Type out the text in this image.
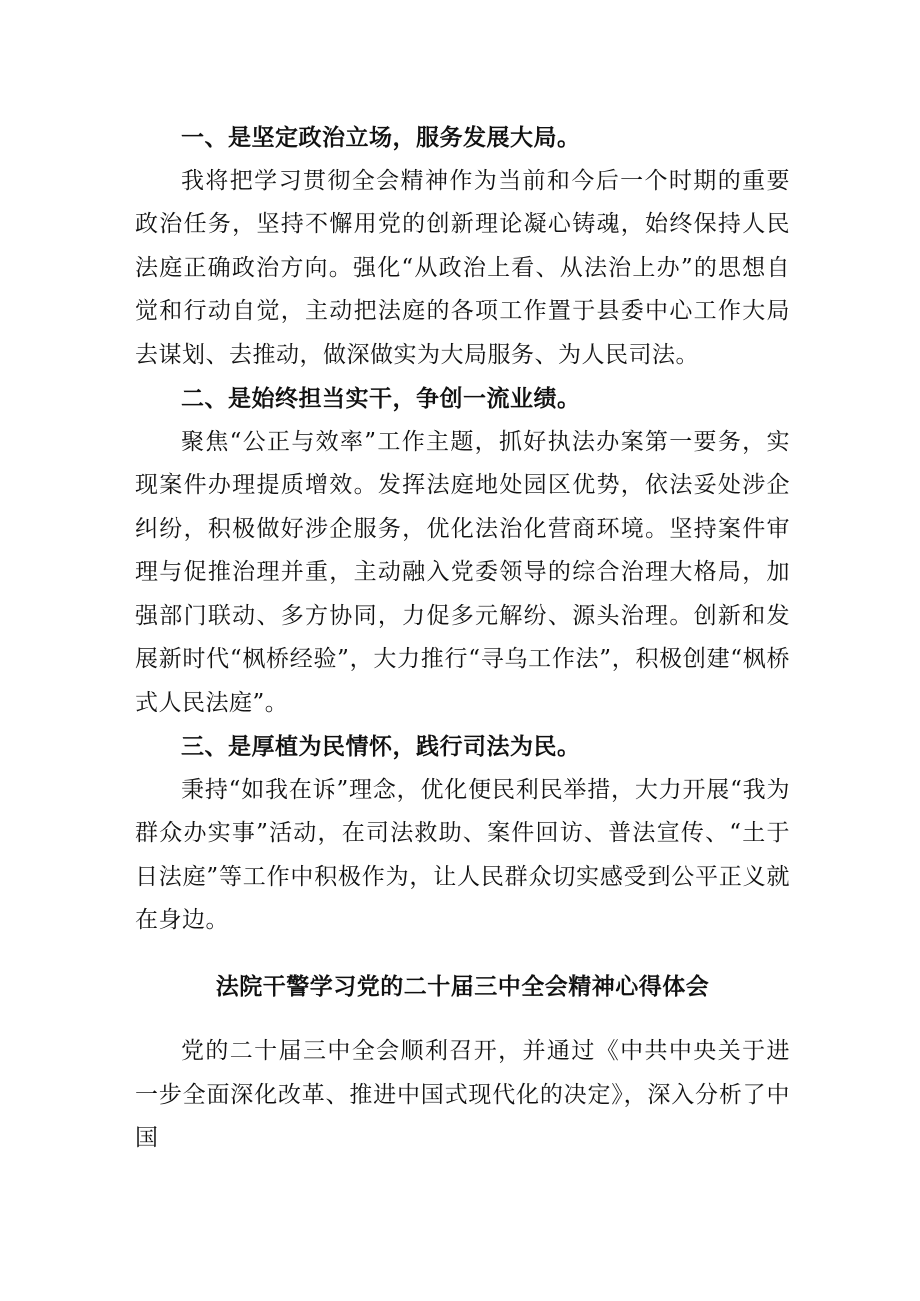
一、是坚定政治立场，服务发展大局。

我将把学习贯彻全会精神作为当前和今后一个时期的重要政治任务，坚持不懈用党的创新理论凝心铸魂，始终保持人民法庭正确政治方向。强化“从政治上看、从法治上办”的思想自觉和行动自觉，主动把法庭的各项工作置于县委中心工作大局去谋划、去推动，做深做实为大局服务、为人民司法。

二、是始终担当实干，争创一流业绩。

聚焦“公正与效率”工作主题，抓好执法办案第一要务，实现案件办理提质增效。发挥法庭地处园区优势，依法妥处涉企纠纷，积极做好涉企服务，优化法治化营商环境。坚持案件审理与促推治理并重，主动融入党委领导的综合治理大格局，加强部门联动、多方协同，力促多元解纷、源头治理。创新和发展新时代“枫桥经验”，大力推行“寻乌工作法”，积极创建“枫桥式人民法庭”。

三、是厚植为民情怀，践行司法为民。

秉持“如我在诉”理念，优化便民利民举措，大力开展“我为群众办实事”活动，在司法救助、案件回访、普法宣传、“土于日法庭”等工作中积极作为，让人民群众切实感受到公平正义就在身边。

法院干警学习党的二十届三中全会精神心得体会

党的二十届三中全会顺利召开，并通过《中共中央关于进一步全面深化改革、推进中国式现代化的决定》，深入分析了中国
